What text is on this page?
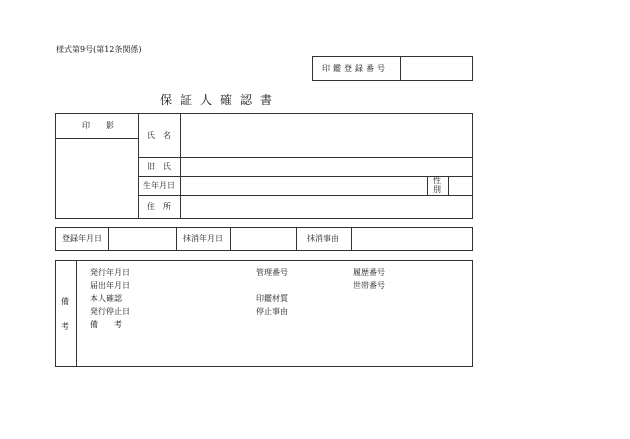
様式第9号(第12条関係)
印鑑登録番号
保証人確認書
印　　影
氏　名
旧　氏
生年月日
性別
住　所
登録年月日	抹消年月日	抹消事由
備
考
発行年月日
届出年月日
本人確認
発行停止日
備　　考
管理番号
印鑑材質
停止事由
履歴番号
世帯番号
